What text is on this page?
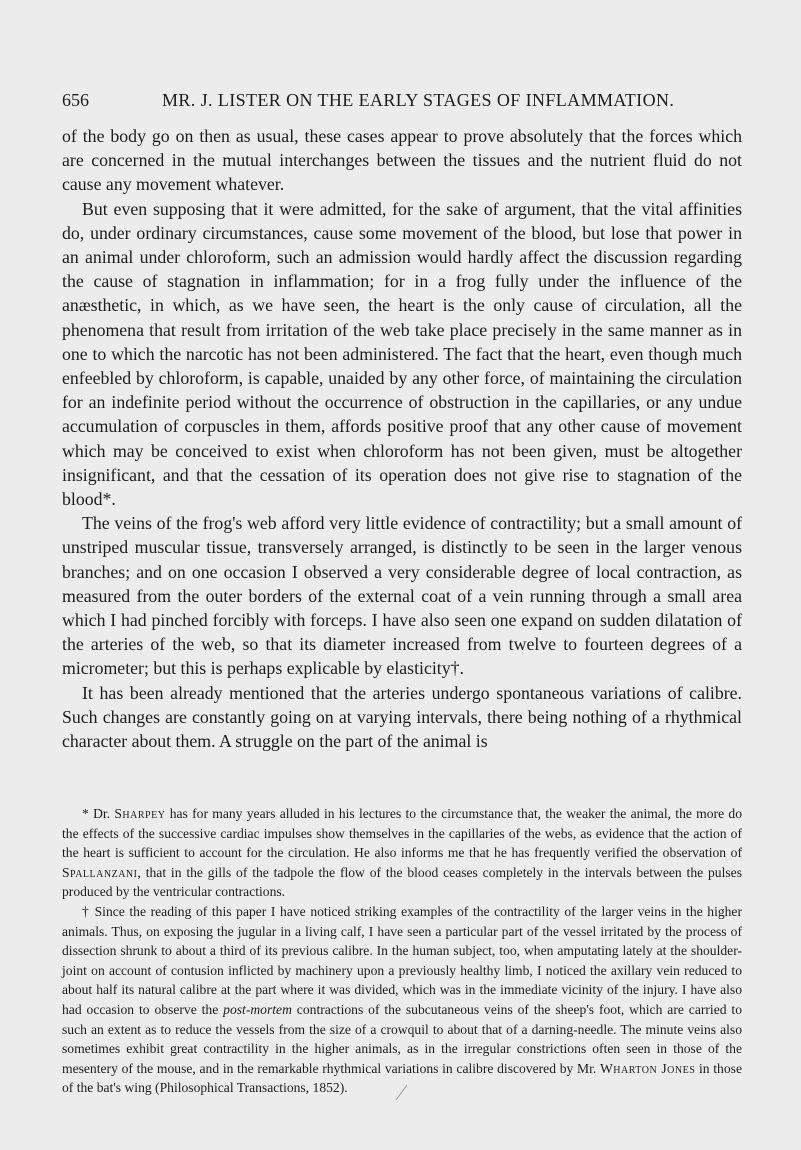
656	MR. J. LISTER ON THE EARLY STAGES OF INFLAMMATION.

of the body go on then as usual, these cases appear to prove absolutely that the forces which are concerned in the mutual interchanges between the tissues and the nutrient fluid do not cause any movement whatever.

But even supposing that it were admitted, for the sake of argument, that the vital affinities do, under ordinary circumstances, cause some movement of the blood, but lose that power in an animal under chloroform, such an admission would hardly affect the discussion regarding the cause of stagnation in inflammation; for in a frog fully under the influence of the anæsthetic, in which, as we have seen, the heart is the only cause of circulation, all the phenomena that result from irritation of the web take place precisely in the same manner as in one to which the narcotic has not been administered. The fact that the heart, even though much enfeebled by chloroform, is capable, unaided by any other force, of maintaining the circulation for an indefinite period without the occurrence of obstruction in the capillaries, or any undue accumulation of corpuscles in them, affords positive proof that any other cause of movement which may be conceived to exist when chloroform has not been given, must be altogether insignificant, and that the cessation of its operation does not give rise to stagnation of the blood*.

The veins of the frog's web afford very little evidence of contractility; but a small amount of unstriped muscular tissue, transversely arranged, is distinctly to be seen in the larger venous branches; and on one occasion I observed a very considerable degree of local contraction, as measured from the outer borders of the external coat of a vein running through a small area which I had pinched forcibly with forceps. I have also seen one expand on sudden dilatation of the arteries of the web, so that its diameter increased from twelve to fourteen degrees of a micrometer; but this is perhaps explicable by elasticity†.

It has been already mentioned that the arteries undergo spontaneous variations of calibre. Such changes are constantly going on at varying intervals, there being nothing of a rhythmical character about them. A struggle on the part of the animal is

* Dr. Sharpey has for many years alluded in his lectures to the circumstance that, the weaker the animal, the more do the effects of the successive cardiac impulses show themselves in the capillaries of the webs, as evidence that the action of the heart is sufficient to account for the circulation. He also informs me that he has frequently verified the observation of Spallanzani, that in the gills of the tadpole the flow of the blood ceases completely in the intervals between the pulses produced by the ventricular contractions.

† Since the reading of this paper I have noticed striking examples of the contractility of the larger veins in the higher animals. Thus, on exposing the jugular in a living calf, I have seen a particular part of the vessel irritated by the process of dissection shrunk to about a third of its previous calibre. In the human subject, too, when amputating lately at the shoulder-joint on account of contusion inflicted by machinery upon a previously healthy limb, I noticed the axillary vein reduced to about half its natural calibre at the part where it was divided, which was in the immediate vicinity of the injury. I have also had occasion to observe the post-mortem contractions of the subcutaneous veins of the sheep's foot, which are carried to such an extent as to reduce the vessels from the size of a crowquil to about that of a darning-needle. The minute veins also sometimes exhibit great contractility in the higher animals, as in the irregular constrictions often seen in those of the mesentery of the mouse, and in the remarkable rhythmical variations in calibre discovered by Mr. Wharton Jones in those of the bat's wing (Philosophical Transactions, 1852).
